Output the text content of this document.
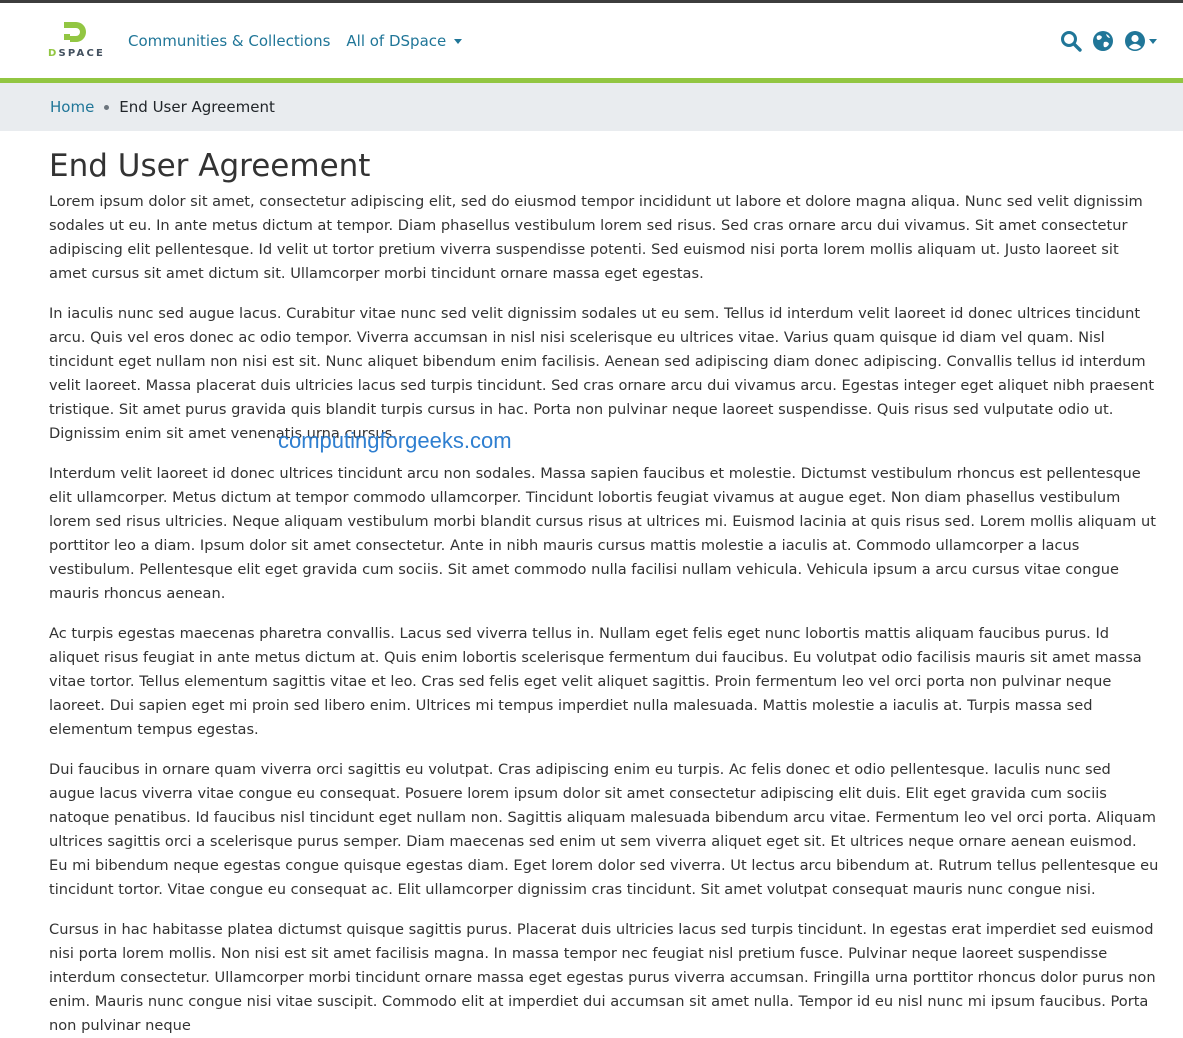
DSPACE
Communities & Collections All of DSpace
Home End User Agreement
End User Agreement

Lorem ipsum dolor sit amet, consectetur adipiscing elit, sed do eiusmod tempor incididunt ut labore et dolore magna aliqua. Nunc sed velit dignissim sodales ut eu. In ante metus dictum at tempor. Diam phasellus vestibulum lorem sed risus. Sed cras ornare arcu dui vivamus. Sit amet consectetur adipiscing elit pellentesque. Id velit ut tortor pretium viverra suspendisse potenti. Sed euismod nisi porta lorem mollis aliquam ut. Justo laoreet sit amet cursus sit amet dictum sit. Ullamcorper morbi tincidunt ornare massa eget egestas.

In iaculis nunc sed augue lacus. Curabitur vitae nunc sed velit dignissim sodales ut eu sem. Tellus id interdum velit laoreet id donec ultrices tincidunt arcu. Quis vel eros donec ac odio tempor. Viverra accumsan in nisl nisi scelerisque eu ultrices vitae. Varius quam quisque id diam vel quam. Nisl tincidunt eget nullam non nisi est sit. Nunc aliquet bibendum enim facilisis. Aenean sed adipiscing diam donec adipiscing. Convallis tellus id interdum velit laoreet. Massa placerat duis ultricies lacus sed turpis tincidunt. Sed cras ornare arcu dui vivamus arcu. Egestas integer eget aliquet nibh praesent tristique. Sit amet purus gravida quis blandit turpis cursus in hac. Porta non pulvinar neque laoreet suspendisse. Quis risus sed vulputate odio ut. Dignissim enim sit amet venenatis urna cursus.

Interdum velit laoreet id donec ultrices tincidunt arcu non sodales. Massa sapien faucibus et molestie. Dictumst vestibulum rhoncus est pellentesque elit ullamcorper. Metus dictum at tempor commodo ullamcorper. Tincidunt lobortis feugiat vivamus at augue eget. Non diam phasellus vestibulum lorem sed risus ultricies. Neque aliquam vestibulum morbi blandit cursus risus at ultrices mi. Euismod lacinia at quis risus sed. Lorem mollis aliquam ut porttitor leo a diam. Ipsum dolor sit amet consectetur. Ante in nibh mauris cursus mattis molestie a iaculis at. Commodo ullamcorper a lacus vestibulum. Pellentesque elit eget gravida cum sociis. Sit amet commodo nulla facilisi nullam vehicula. Vehicula ipsum a arcu cursus vitae congue mauris rhoncus aenean.

Ac turpis egestas maecenas pharetra convallis. Lacus sed viverra tellus in. Nullam eget felis eget nunc lobortis mattis aliquam faucibus purus. Id aliquet risus feugiat in ante metus dictum at. Quis enim lobortis scelerisque fermentum dui faucibus. Eu volutpat odio facilisis mauris sit amet massa vitae tortor. Tellus elementum sagittis vitae et leo. Cras sed felis eget velit aliquet sagittis. Proin fermentum leo vel orci porta non pulvinar neque laoreet. Dui sapien eget mi proin sed libero enim. Ultrices mi tempus imperdiet nulla malesuada. Mattis molestie a iaculis at. Turpis massa sed elementum tempus egestas.

Dui faucibus in ornare quam viverra orci sagittis eu volutpat. Cras adipiscing enim eu turpis. Ac felis donec et odio pellentesque. Iaculis nunc sed augue lacus viverra vitae congue eu consequat. Posuere lorem ipsum dolor sit amet consectetur adipiscing elit duis. Elit eget gravida cum sociis natoque penatibus. Id faucibus nisl tincidunt eget nullam non. Sagittis aliquam malesuada bibendum arcu vitae. Fermentum leo vel orci porta. Aliquam ultrices sagittis orci a scelerisque purus semper. Diam maecenas sed enim ut sem viverra aliquet eget sit. Et ultrices neque ornare aenean euismod. Eu mi bibendum neque egestas congue quisque egestas diam. Eget lorem dolor sed viverra. Ut lectus arcu bibendum at. Rutrum tellus pellentesque eu tincidunt tortor. Vitae congue eu consequat ac. Elit ullamcorper dignissim cras tincidunt. Sit amet volutpat consequat mauris nunc congue nisi.

Cursus in hac habitasse platea dictumst quisque sagittis purus. Placerat duis ultricies lacus sed turpis tincidunt. In egestas erat imperdiet sed euismod nisi porta lorem mollis. Non nisi est sit amet facilisis magna. In massa tempor nec feugiat nisl pretium fusce. Pulvinar neque laoreet suspendisse interdum consectetur. Ullamcorper morbi tincidunt ornare massa eget egestas purus viverra accumsan. Fringilla urna porttitor rhoncus dolor purus non enim. Mauris nunc congue nisi vitae suscipit. Commodo elit at imperdiet dui accumsan sit amet nulla. Tempor id eu nisl nunc mi ipsum faucibus. Porta non pulvinar neque

computingforgeeks.com
